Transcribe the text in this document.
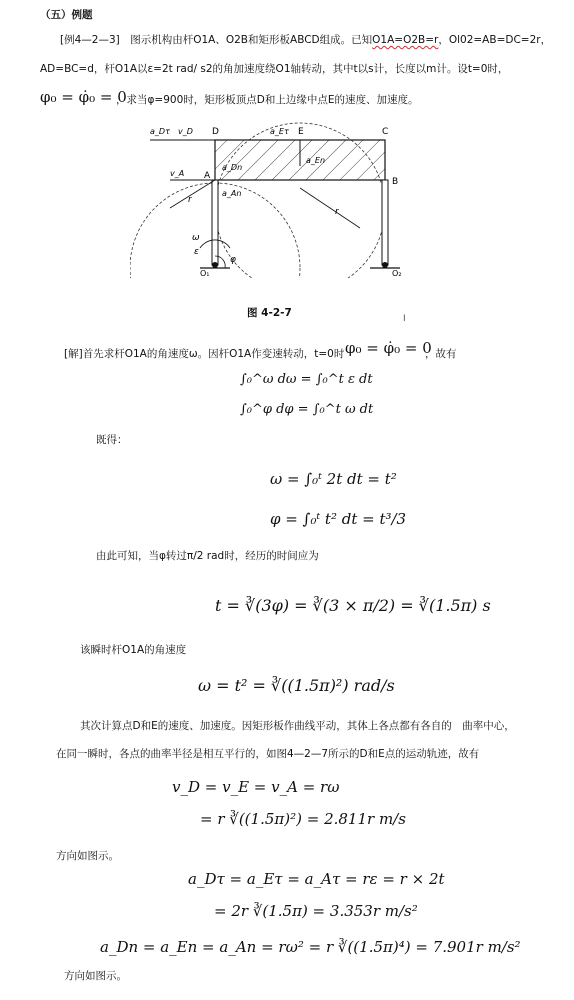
（五）例题
[例4—2—3]　图示机构由杆O1A、O2B和矩形板ABCD组成。已知O1A=O2B=r，Ol02=AB=DC=2r，
AD=BC=d，杆O1A以ε=2t rad/ s2的角加速度绕O1轴转动，其中t以s计，长度以m计。设t=0时，
φ₀ = φ̇₀ = 0
，求当φ=900时，矩形板顶点D和上边缘中点E的速度、加速度。
a_Dτ v_D D	a_Eτ E	C
a_Dn
a_En
v_A A
B
a_An
r
r
ω
ε
O₁	O₂
φ
图 4-2-7	I
[解]首先求杆O1A的角速度ω。因杆O1A作变速转动，t=0时 φ₀ = φ̇₀ = 0
，故有
∫₀^ω dω = ∫₀^t ε dt
∫₀^φ dφ = ∫₀^t ω dt
既得：
ω = ∫₀ᵗ 2t dt = t²
φ = ∫₀ᵗ t² dt = t³/3
由此可知，当φ转过π/2 rad时，经历的时间应为
t = ∛(3φ) = ∛(3 × π/2) = ∛(1.5π) s
该瞬时杆O1A的角速度
ω = t² = ∛((1.5π)²) rad/s
其次计算点D和E的速度、加速度。因矩形板作曲线平动，其体上各点都有各自的　曲率中心，
在同一瞬时，各点的曲率半径是相互平行的，如图4—2—7所示的D和E点的运动轨迹，故有
v_D = v_E = v_A = rω
= r ∛((1.5π)²) = 2.811r m/s
方向如图示。
a_Dτ = a_Eτ = a_Aτ = rε = r × 2t
= 2r ∛(1.5π) = 3.353r m/s²
a_Dn = a_En = a_An = rω² = r ∛((1.5π)⁴) = 7.901r m/s²
方向如图示。
